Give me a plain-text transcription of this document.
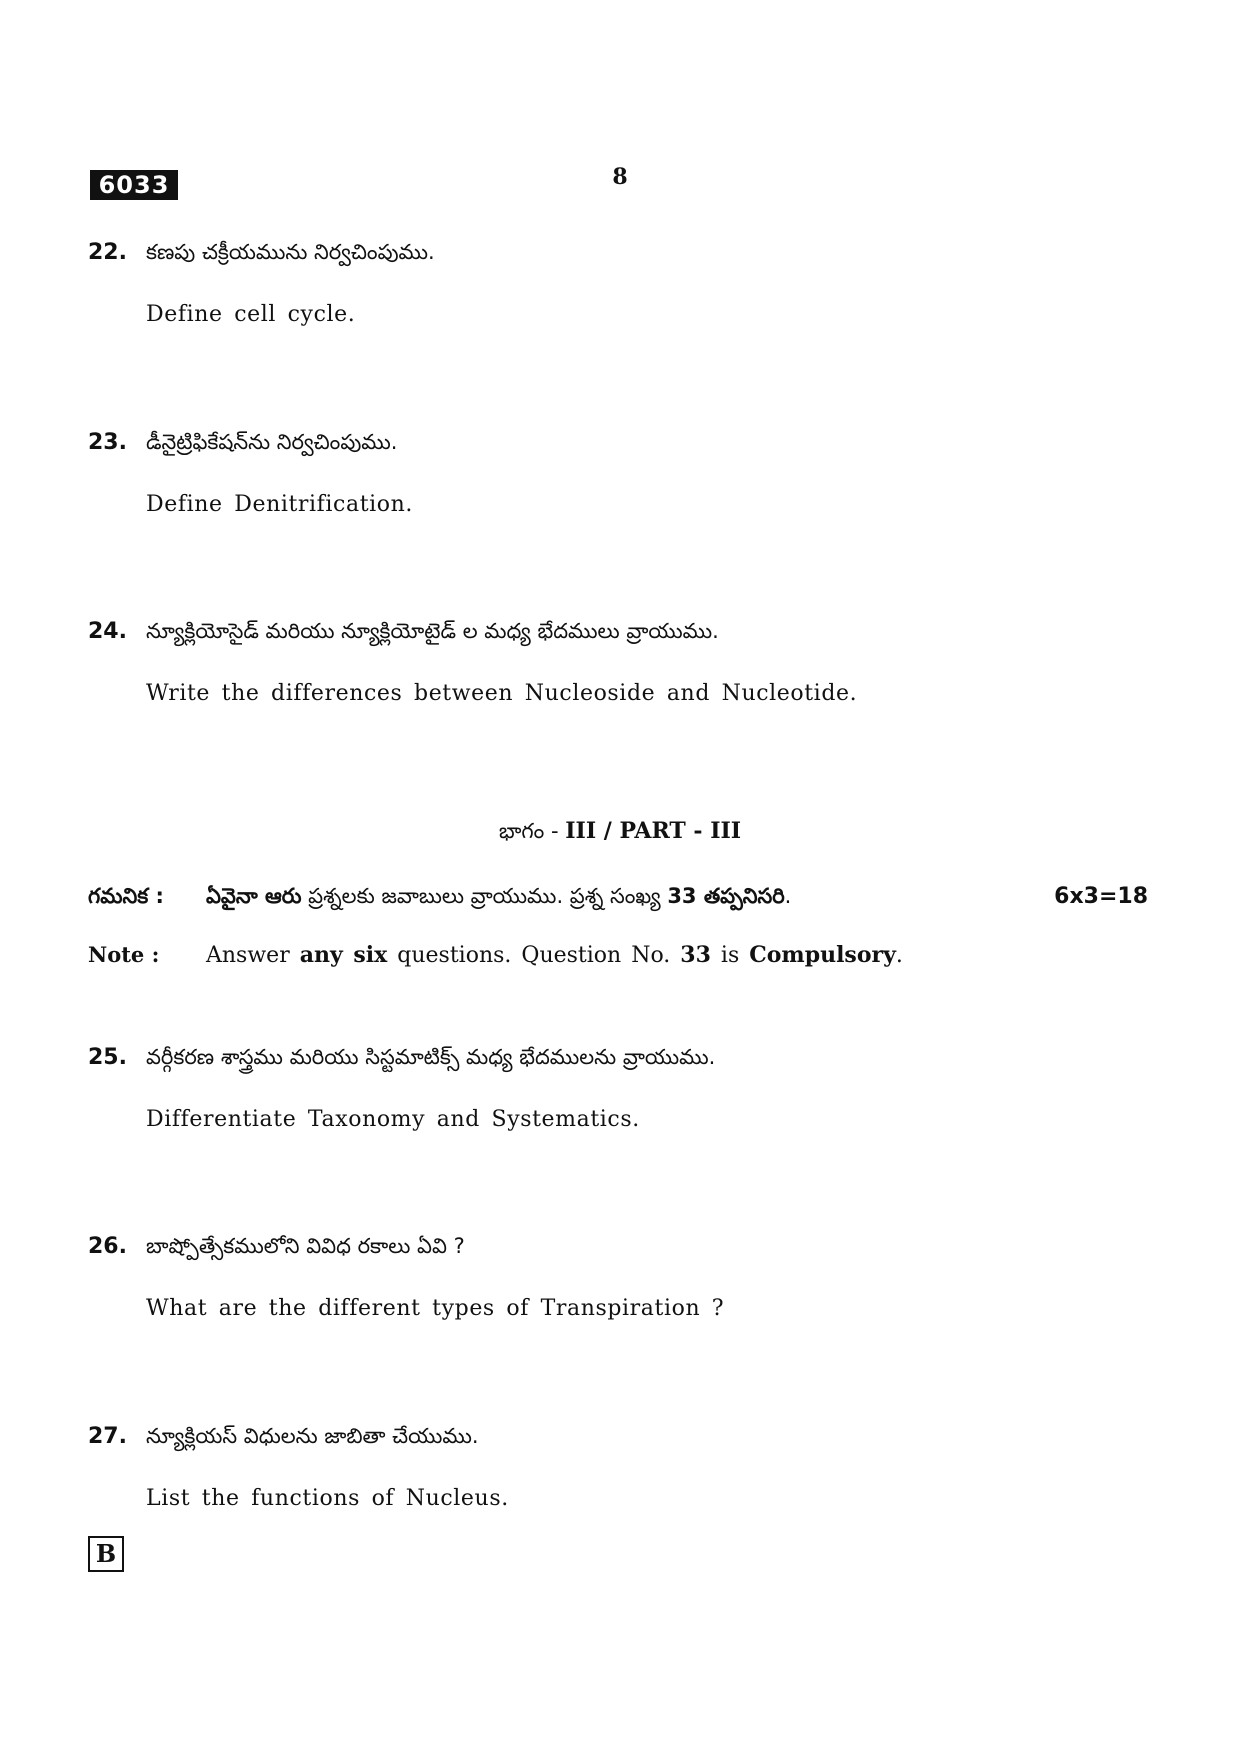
6033	8
22. కణపు చక్రీయమును నిర్వచింపుము.
Define cell cycle.
23. డీనైట్రిఫికేషన్‌ను నిర్వచింపుము.
Define Denitrification.
24. న్యూక్లియోసైడ్ మరియు న్యూక్లియోటైడ్ ల మధ్య భేదములు వ్రాయుము.
Write the differences between Nucleoside and Nucleotide.
భాగం - III / PART - III
గమనిక :	ఏవైనా ఆరు ప్రశ్నలకు జవాబులు వ్రాయుము. ప్రశ్న సంఖ్య 33 తప్పనిసరి.	6x3=18
Note :	Answer any six questions. Question No. 33 is Compulsory.
25. వర్గీకరణ శాస్త్రము మరియు సిస్టమాటిక్స్ మధ్య భేదములను వ్రాయుము.
Differentiate Taxonomy and Systematics.
26. బాష్పోత్సేకములోని వివిధ రకాలు ఏవి ?
What are the different types of Transpiration ?
27. న్యూక్లియస్ విధులను జాబితా చేయుము.
List the functions of Nucleus.
B
